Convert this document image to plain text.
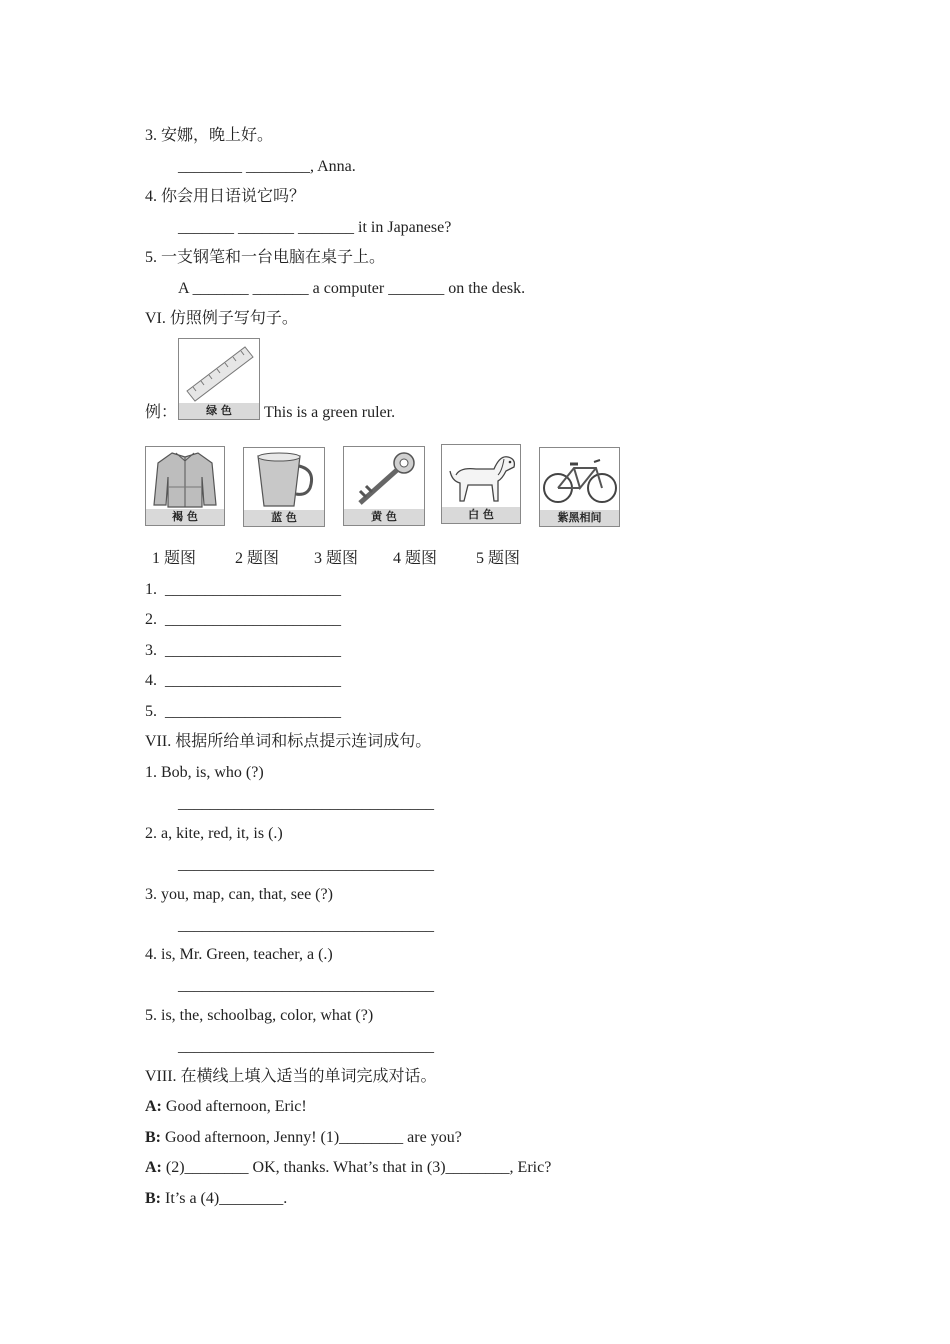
3. 安娜，晚上好。
________ ________, Anna.
4. 你会用日语说它吗？
_______ _______ _______ it in Japanese?
5. 一支钢笔和一台电脑在桌子上。
A _______ _______ a computer _______ on the desk.
VI. 仿照例子写句子。
例：	绿 色	This is a green ruler.
褐 色	蓝 色	黄 色	白 色	紫黑相间
1 题图 2 题图 3 题图 4 题图 5 题图
1.  ______________________
2.  ______________________
3.  ______________________
4.  ______________________
5.  ______________________
VII. 根据所给单词和标点提示连词成句。
1. Bob, is, who (?)
________________________________
2. a, kite, red, it, is (.)
________________________________
3. you, map, can, that, see (?)
________________________________
4. is, Mr. Green, teacher, a (.)
________________________________
5. is, the, schoolbag, color, what (?)
________________________________
VIII. 在横线上填入适当的单词完成对话。
A: Good afternoon, Eric!
B: Good afternoon, Jenny! (1)________ are you?
A: (2)________ OK, thanks. What’s that in (3)________, Eric?
B: It’s a (4)________.
